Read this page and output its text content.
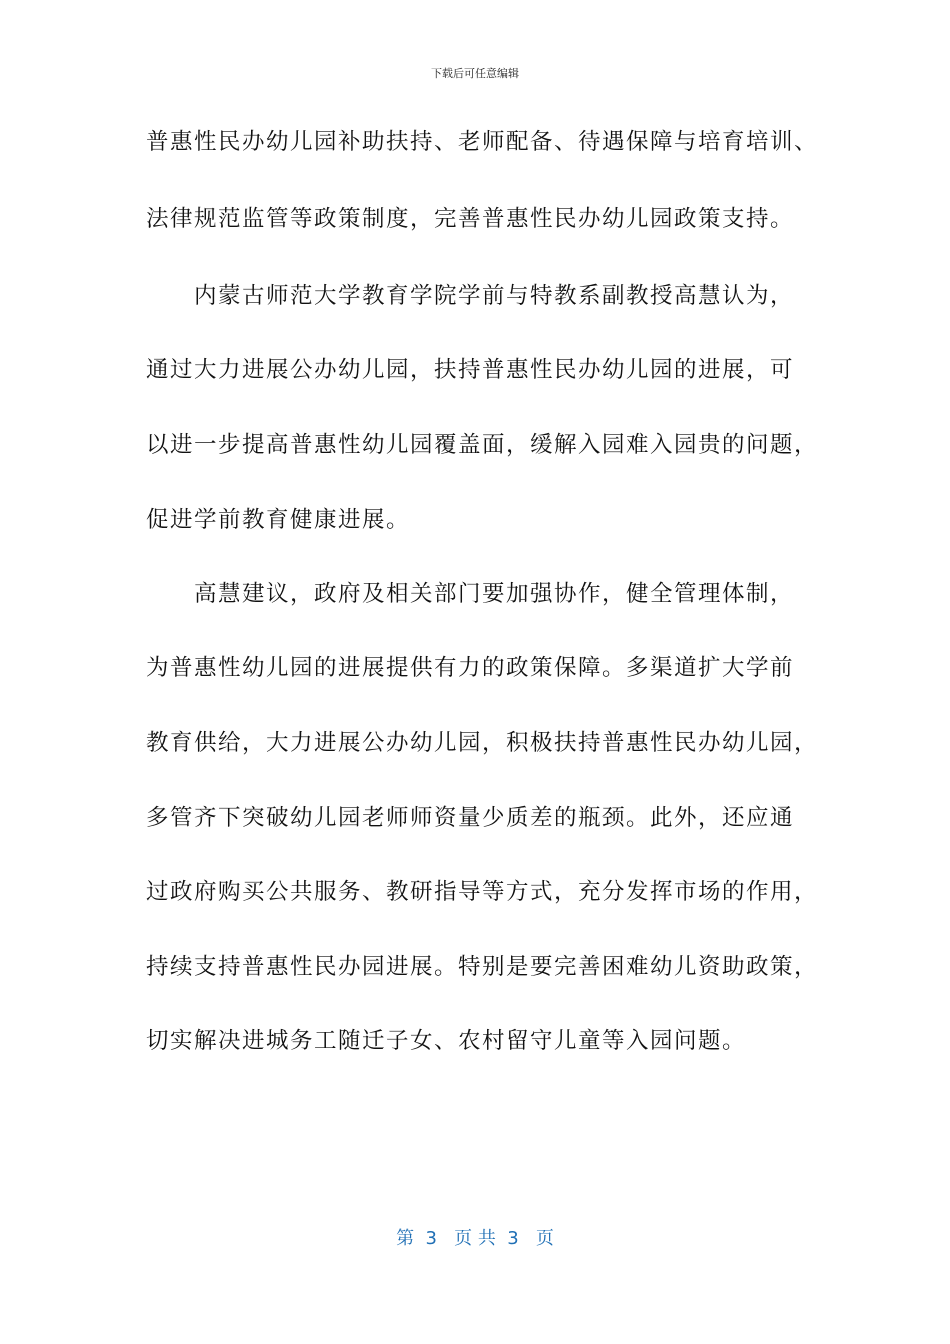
下载后可任意编辑
普惠性民办幼儿园补助扶持、老师配备、待遇保障与培育培训、
法律规范监管等政策制度，完善普惠性民办幼儿园政策支持。
内蒙古师范大学教育学院学前与特教系副教授高慧认为，
通过大力进展公办幼儿园，扶持普惠性民办幼儿园的进展，可
以进一步提高普惠性幼儿园覆盖面，缓解入园难入园贵的问题，
促进学前教育健康进展。
高慧建议，政府及相关部门要加强协作，健全管理体制，
为普惠性幼儿园的进展提供有力的政策保障。多渠道扩大学前
教育供给，大力进展公办幼儿园，积极扶持普惠性民办幼儿园，
多管齐下突破幼儿园老师师资量少质差的瓶颈。此外，还应通
过政府购买公共服务、教研指导等方式，充分发挥市场的作用，
持续支持普惠性民办园进展。特别是要完善困难幼儿资助政策，
切实解决进城务工随迁子女、农村留守儿童等入园问题。
第  3   页 共  3   页
